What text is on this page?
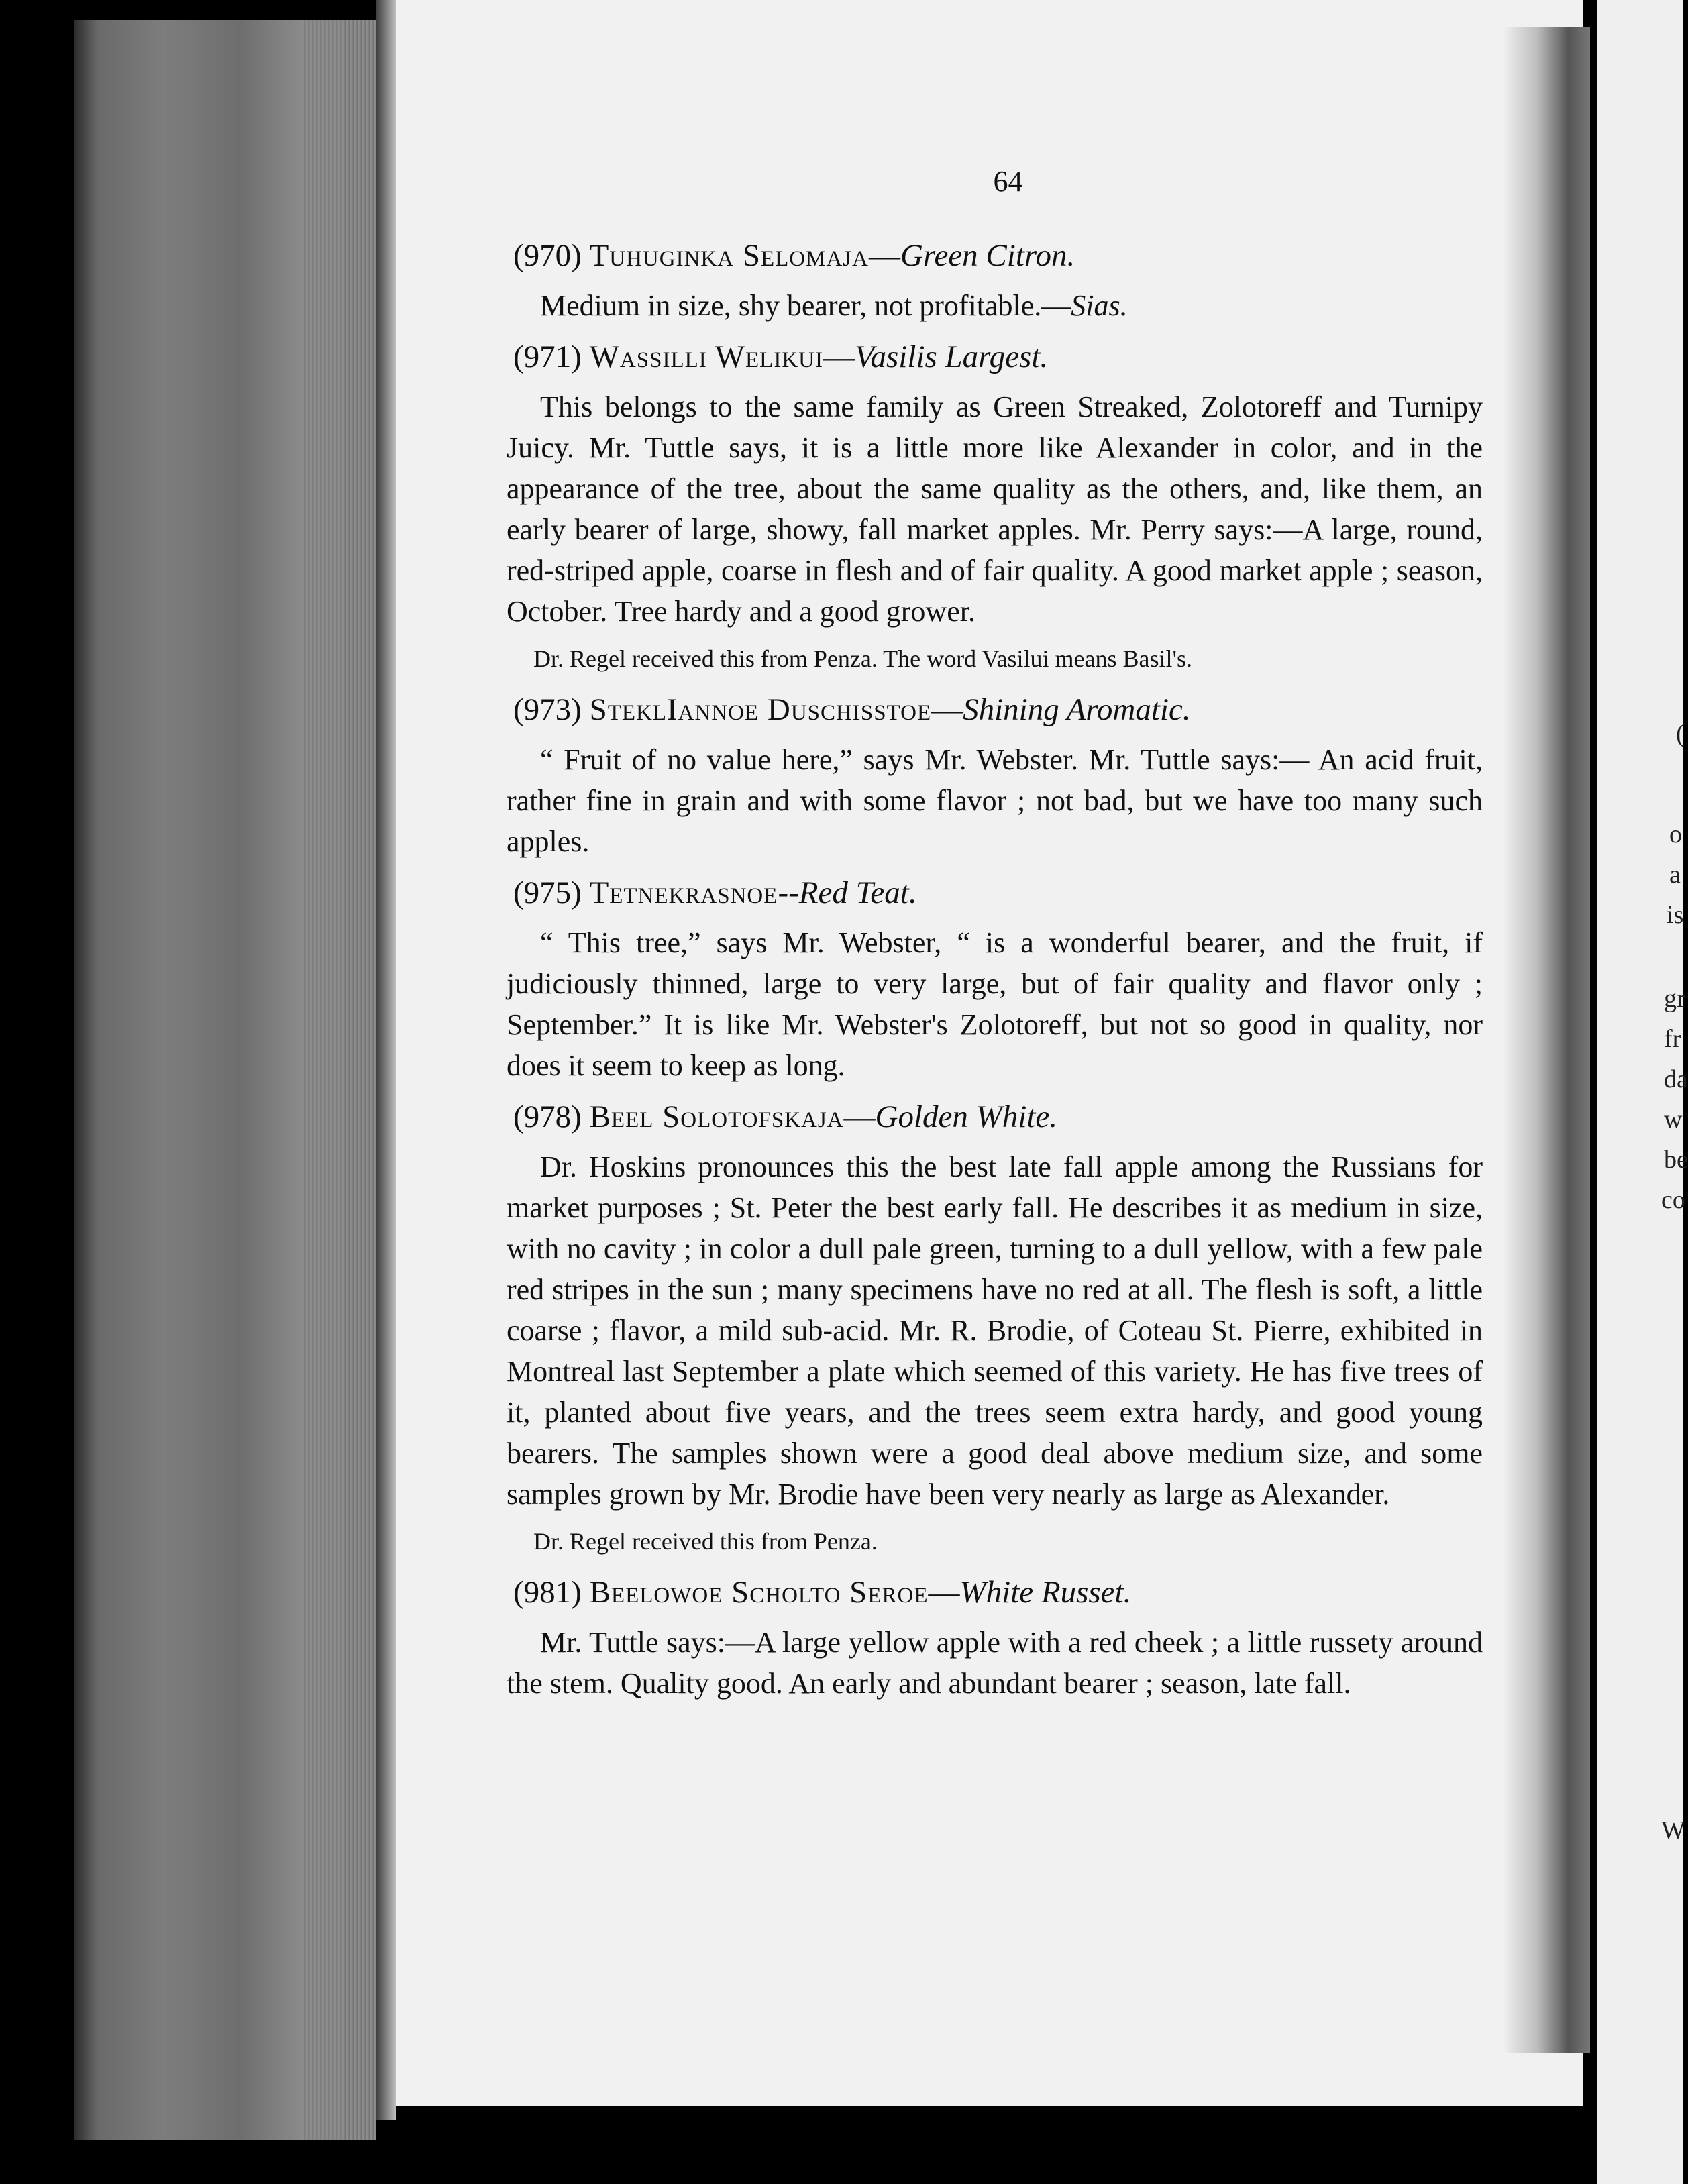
(
o
a
is
gr
fr
da
w
be
co
W
64
(970) Tuhuginka Selomaja—Green Citron.
Medium in size, shy bearer, not profitable.—Sias.
(971) Wassilli Welikui—Vasilis Largest.
This belongs to the same family as Green Streaked, Zolotoreff and Turnipy Juicy. Mr. Tuttle says, it is a little more like Alexander in color, and in the appearance of the tree, about the same quality as the others, and, like them, an early bearer of large, showy, fall market apples. Mr. Perry says:—A large, round, red-striped apple, coarse in flesh and of fair quality. A good market apple ; season, October. Tree hardy and a good grower.
Dr. Regel received this from Penza. The word Vasilui means Basil's.
(973) SteklIannoe Duschisstoe—Shining Aromatic.
“ Fruit of no value here,” says Mr. Webster. Mr. Tuttle says:— An acid fruit, rather fine in grain and with some flavor ; not bad, but we have too many such apples.
(975) Tetnekrasnoe--Red Teat.
“ This tree,” says Mr. Webster, “ is a wonderful bearer, and the fruit, if judiciously thinned, large to very large, but of fair quality and flavor only ; September.” It is like Mr. Webster's Zolotoreff, but not so good in quality, nor does it seem to keep as long.
(978) Beel Solotofskaja—Golden White.
Dr. Hoskins pronounces this the best late fall apple among the Russians for market purposes ; St. Peter the best early fall. He describes it as medium in size, with no cavity ; in color a dull pale green, turning to a dull yellow, with a few pale red stripes in the sun ; many specimens have no red at all. The flesh is soft, a little coarse ; flavor, a mild sub-acid. Mr. R. Brodie, of Coteau St. Pierre, exhibited in Montreal last September a plate which seemed of this variety. He has five trees of it, planted about five years, and the trees seem extra hardy, and good young bearers. The samples shown were a good deal above medium size, and some samples grown by Mr. Brodie have been very nearly as large as Alexander.
Dr. Regel received this from Penza.
(981) Beelowoe Scholto Seroe—White Russet.
Mr. Tuttle says:—A large yellow apple with a red cheek ; a little russety around the stem. Quality good. An early and abundant bearer ; season, late fall.
